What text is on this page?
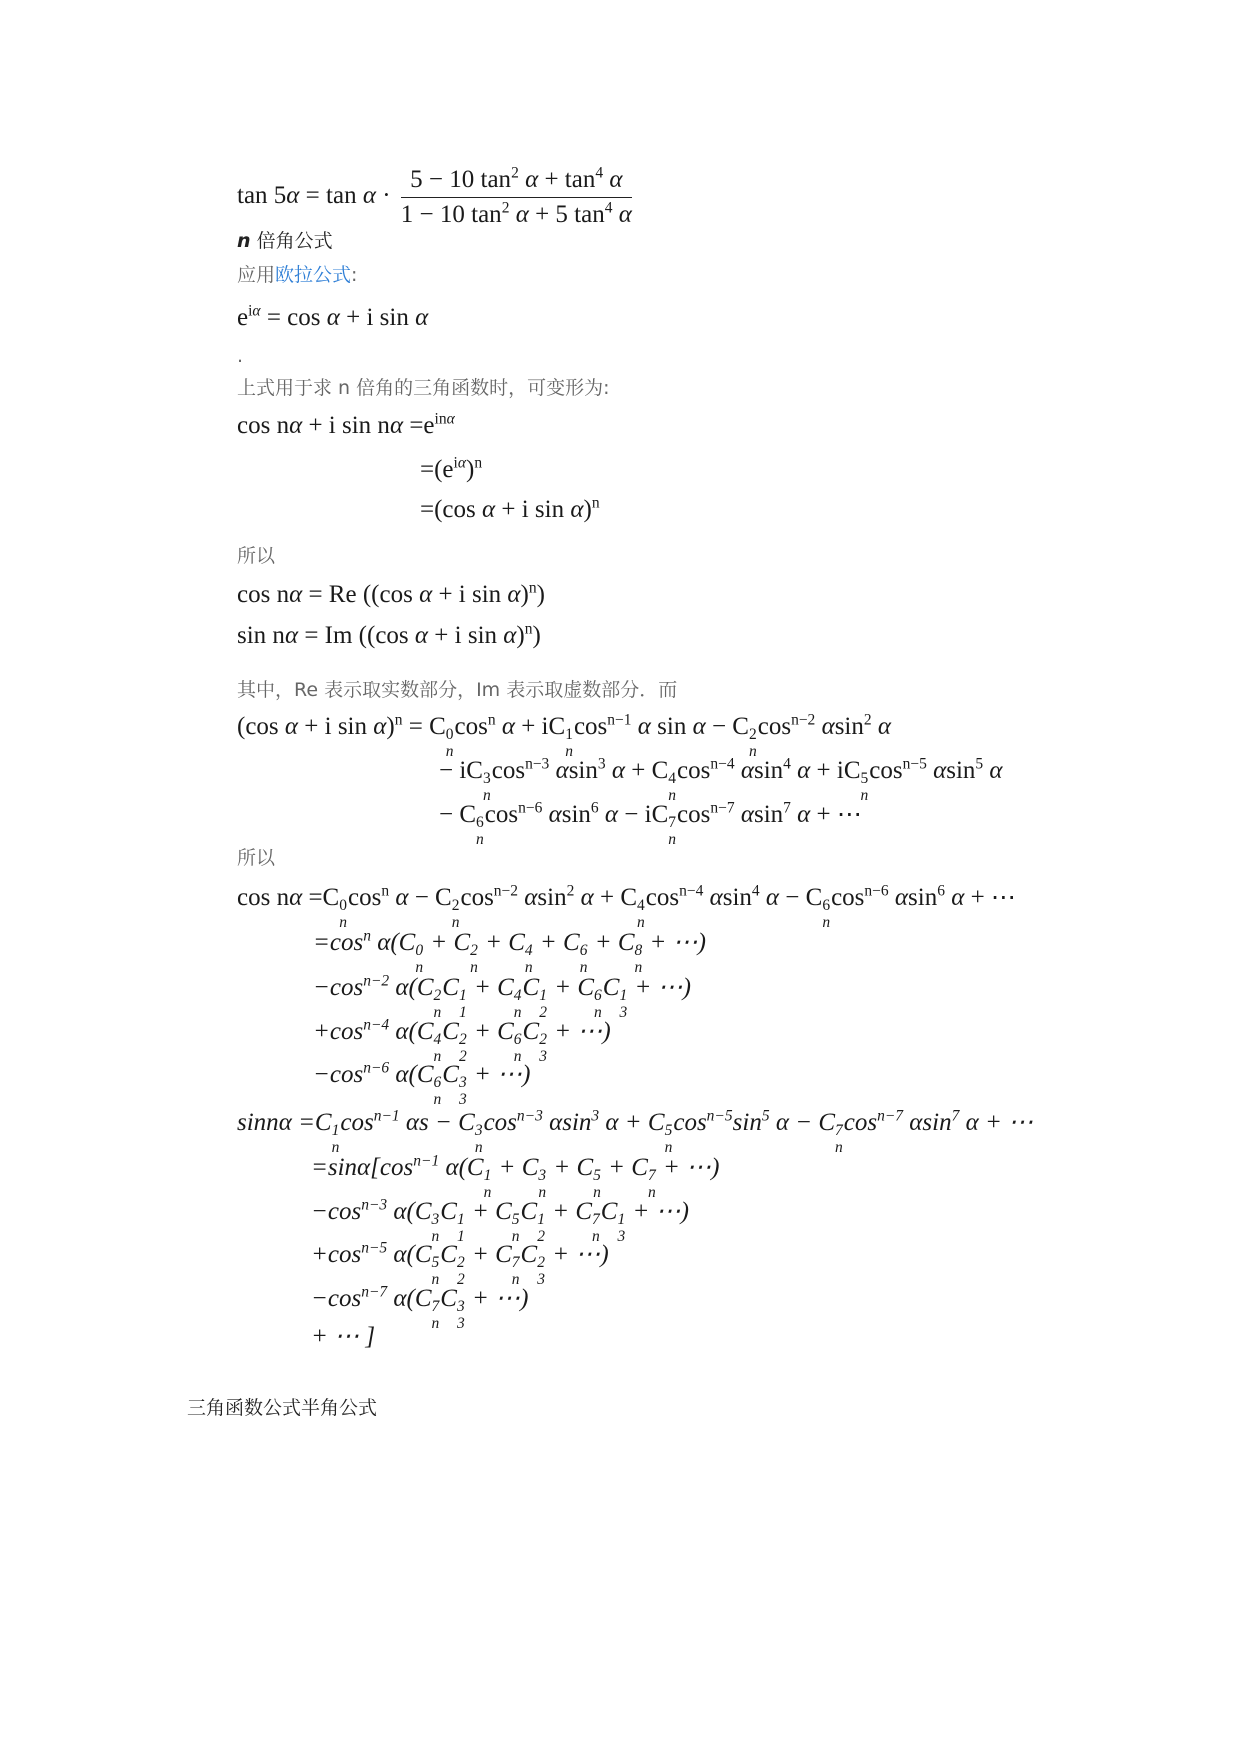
$\tan 5\alpha = \tan \alpha \cdot \frac{5 - 10 \tan^2 \alpha + \tan^4 \alpha}{1 - 10 \tan^2 \alpha + 5 \tan^4 \alpha}$
n 倍角公式
应用欧拉公式:
$e^{i\alpha} = \cos \alpha + i$ sin α
.
上式用于求 n 倍角的三角函数时，可变形为:
cos nα + i $\sin n\alpha =e^{in\alpha}$
$=(e^{i\alpha})^n$
=(cos α + i sin α)$^n$
所以
cos nα = Re ((cos α + i sin α)$^n$)
sin nα = Im ((cos α + i sin α)$^n$)
其中，Re 表示取实数部分，Im 表示取虚数部分．而
(cos α + i sin α)$^n$ = C 0
n
$\cos^n \alpha$ + iC 1
n
$\cos^{n-1} \alpha$ sin α − C 2
n
$\cos^{n-2} \alpha\sin^2$ α
− iC 3
n
$\cos^{n-3} \alpha\sin^3$ α + C 4
n
$\cos^{n-4} \alpha\sin^4$ α + iC 5
n
$\cos^{n-5} \alpha\sin^5$ α
− C 6
n
$\cos^{n-6} \alpha\sin^6$ α − iC 7
n
$\cos^{n-7} \alpha\sin^7$ α + ⋯
所以
cos nα =C 0
n
$\cos^n \alpha - C$ 2
n
$\cos^{n-2} \alpha\sin^2$ α + C 4
n
$\cos^{n-4} \alpha\sin^4$ α − C 6
n
$\cos^{n-6} \alpha\sin^6$ α + ⋯
$=\cos^n$ α(C 0
n
+ C 2
n
+ C 4
n
+ C 6
n
+ C 8
n
+ ⋯)
$-\cos^{n-2}$ α(C 2
n
C 1
1
+ C 4
n
C 1
2
+ C 6
n
C 1
3
+ ⋯)
$+\cos^{n-4}$ α(C 4
n
C 2
2
+ C 6
n
C 2
3
+ ⋯)
$-\cos^{n-6}$ α(C 6
n
C 3
3
+ ⋯)
sinnα =C 1
n
$\cos^{n-1} \alpha s - C$ 3
n
$\cos^{n-3} \alpha\sin^3$ α + C 5
n
$\cos^{n-5}\sin^5$ α − C 7
n
$\cos^{n-7} \alpha\sin^7$ α + ⋯
$=\sin\alpha[\cos^{n-1}$ α(C 1
n
+ C 3
n
+ C 5
n
+ C 7
n
+ ⋯)
$-\cos^{n-3}$ α(C 3
n
C 1
1
+ C 5
n
C 1
2
+ C 7
n
C 1
3
+ ⋯)
$+\cos^{n-5}$ α(C 5
n
C 2
2
+ C 7
n
C 2
3
+ ⋯)
$-\cos^{n-7}$ α(C 7
n
C 3
3
+ ⋯)
+ ⋯ ]
三角函数公式半角公式
